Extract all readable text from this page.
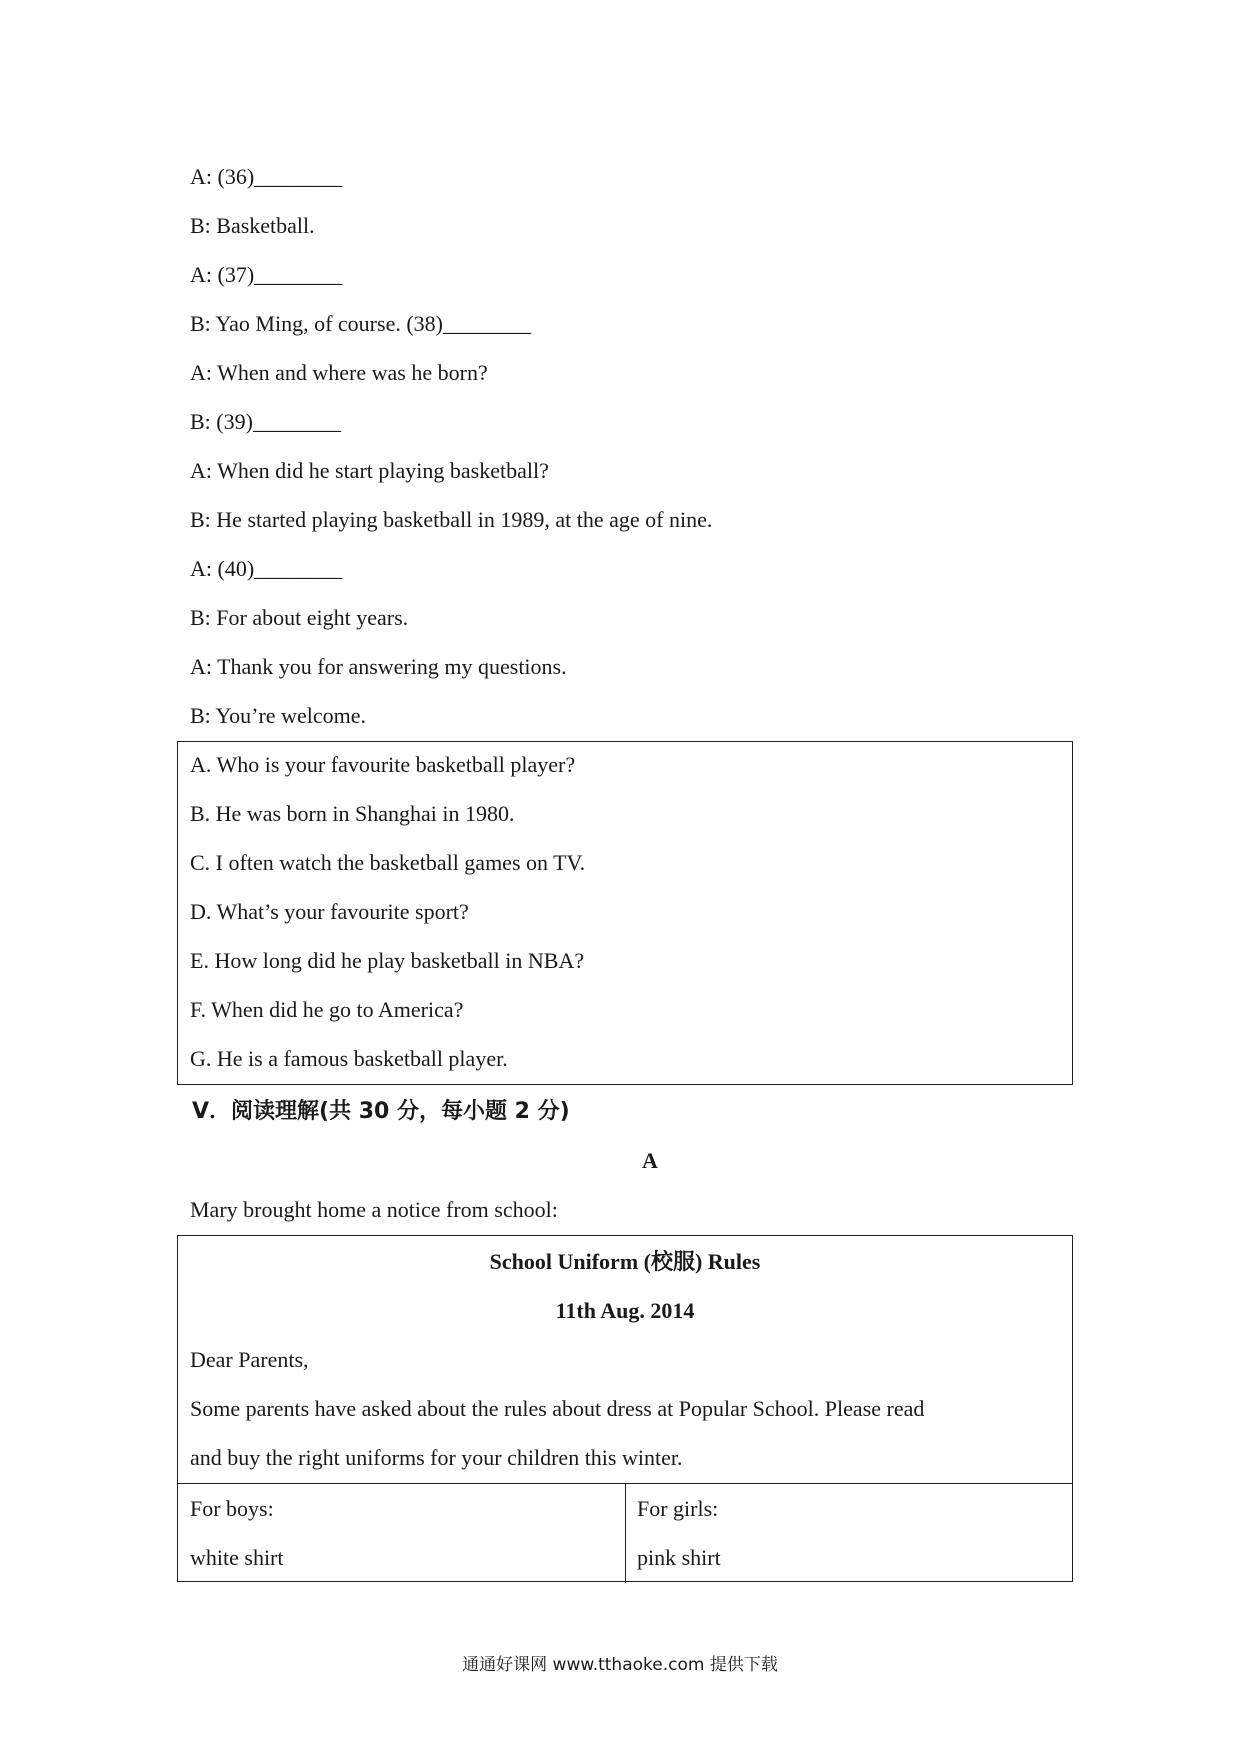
A: (36)________
B: Basketball.
A: (37)________
B: Yao Ming, of course. (38)________
A: When and where was he born?
B: (39)________
A: When did he start playing basketball?
B: He started playing basketball in 1989, at the age of nine.
A: (40)________
B: For about eight years.
A: Thank you for answering my questions.
B: You’re welcome.
A. Who is your favourite basketball player?
B. He was born in Shanghai in 1980.
C. I often watch the basketball games on TV.
D. What’s your favourite sport?
E. How long did he play basketball in NBA?
F. When did he go to America?
G. He is a famous basketball player.
V．阅读理解(共 30 分，每小题 2 分)
A
Mary brought home a notice from school:
School Uniform (校服) Rules
11th Aug. 2014
Dear Parents,
Some parents have asked about the rules about dress at Popular School. Please read
and buy the right uniforms for your children this winter.
For boys:
white shirt
For girls:
pink shirt
通通好课网 www.tthaoke.com 提供下载
